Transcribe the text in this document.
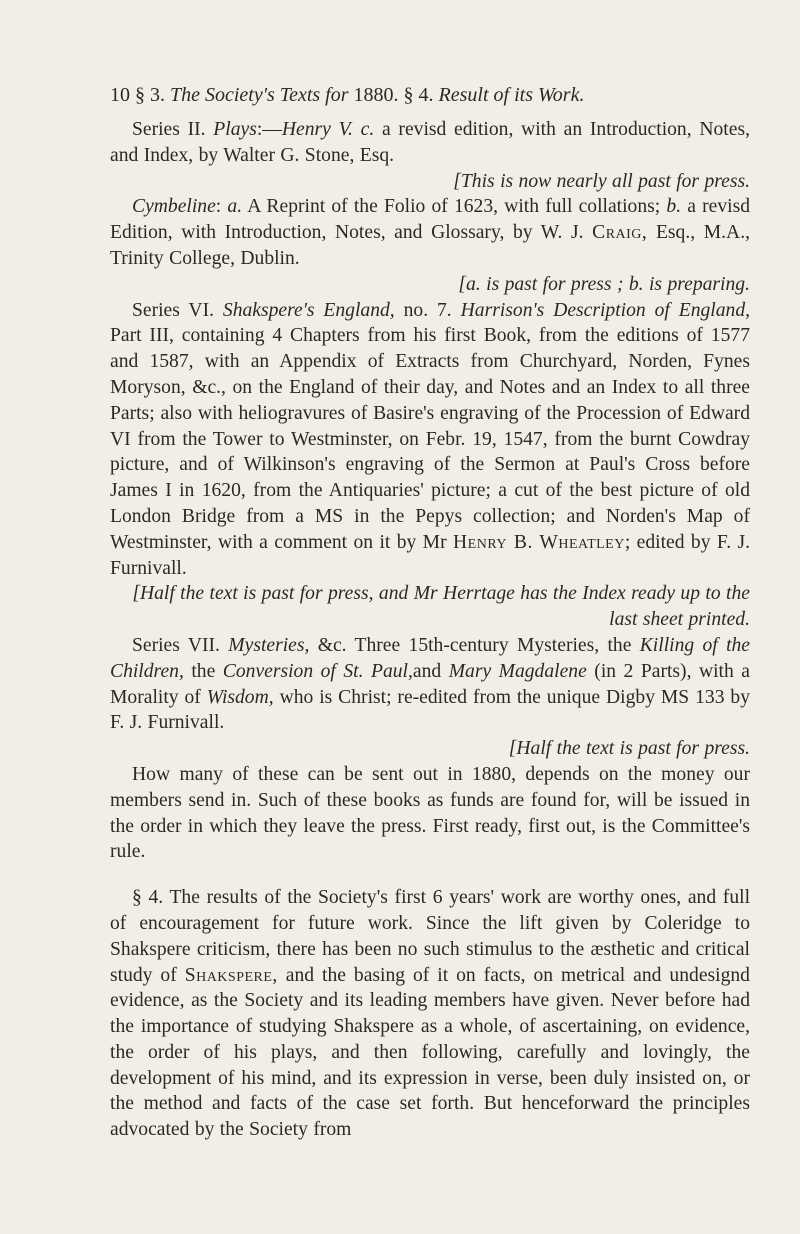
10 § 3. The Society's Texts for 1880. § 4. Result of its Work.

Series II. Plays:—Henry V. c. a revisd edition, with an Introduction, Notes, and Index, by Walter G. Stone, Esq.
[This is now nearly all past for press.

Cymbeline: a. A Reprint of the Folio of 1623, with full collations; b. a revisd Edition, with Introduction, Notes, and Glossary, by W. J. Craig, Esq., M.A., Trinity College, Dublin.
[a. is past for press ; b. is preparing.

Series VI. Shakspere's England, no. 7. Harrison's Description of England, Part III, containing 4 Chapters from his first Book, from the editions of 1577 and 1587, with an Appendix of Extracts from Churchyard, Norden, Fynes Moryson, &c., on the England of their day, and Notes and an Index to all three Parts; also with heliogravures of Basire's engraving of the Procession of Edward VI from the Tower to Westminster, on Febr. 19, 1547, from the burnt Cowdray picture, and of Wilkinson's engraving of the Sermon at Paul's Cross before James I in 1620, from the Antiquaries' picture; a cut of the best picture of old London Bridge from a MS in the Pepys collection; and Norden's Map of Westminster, with a comment on it by Mr Henry B. Wheatley; edited by F. J. Furnivall.
[Half the text is past for press, and Mr Herrtage has the Index ready up to the last sheet printed.

Series VII. Mysteries, &c. Three 15th-century Mysteries, the Killing of the Children, the Conversion of St. Paul,and Mary Magdalene (in 2 Parts), with a Morality of Wisdom, who is Christ; re-edited from the unique Digby MS 133 by F. J. Furnivall.
[Half the text is past for press.

How many of these can be sent out in 1880, depends on the money our members send in. Such of these books as funds are found for, will be issued in the order in which they leave the press. First ready, first out, is the Committee's rule.

§ 4. The results of the Society's first 6 years' work are worthy ones, and full of encouragement for future work. Since the lift given by Coleridge to Shakspere criticism, there has been no such stimulus to the æsthetic and critical study of Shakspere, and the basing of it on facts, on metrical and undesignd evidence, as the Society and its leading members have given. Never before had the importance of studying Shakspere as a whole, of ascertaining, on evidence, the order of his plays, and then following, carefully and lovingly, the development of his mind, and its expression in verse, been duly insisted on, or the method and facts of the case set forth. But henceforward the principles advocated by the Society from
